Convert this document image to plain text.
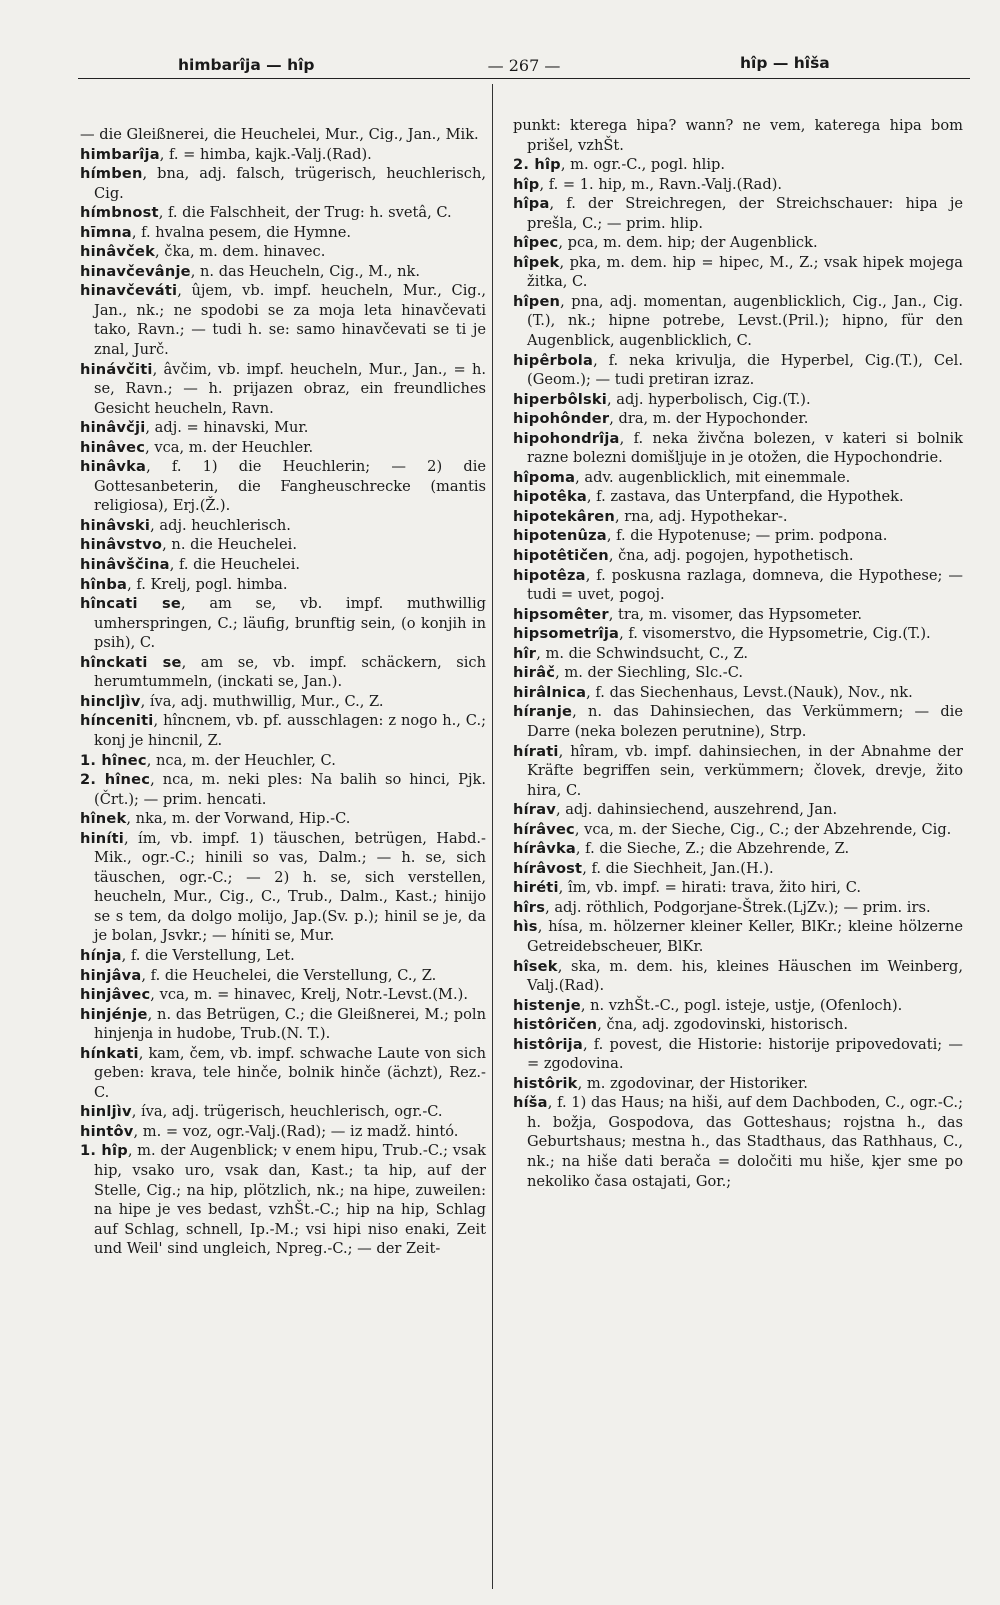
himbarîja — hîp	— 267 —	hîp — hîša

— die Gleißnerei, die Heuchelei, Mur., Cig., Jan., Mik.

himbarîja, f. = himba, kajk.-Valj.(Rad).

hímben, bna, adj. falsch, trügerisch, heuchlerisch, Cig.

hímbnost, f. die Falschheit, der Trug: h. svetâ, C.

hīmna, f. hvalna pesem, die Hymne.

hinâvček, čka, m. dem. hinavec.

hinavčevânje, n. das Heucheln, Cig., M., nk.

hinavčeváti, ûjem, vb. impf. heucheln, Mur., Cig., Jan., nk.; ne spodobi se za moja leta hinavčevati tako, Ravn.; — tudi h. se: samo hinavčevati se ti je znal, Jurč.

hinávčiti, âvčim, vb. impf. heucheln, Mur., Jan., = h. se, Ravn.; — h. prijazen obraz, ein freundliches Gesicht heucheln, Ravn.

hinâvčji, adj. = hinavski, Mur.

hinâvec, vca, m. der Heuchler.

hinâvka, f. 1) die Heuchlerin; — 2) die Gottesanbeterin, die Fangheuschrecke (mantis religiosa), Erj.(Ž.).

hinâvski, adj. heuchlerisch.

hinâvstvo, n. die Heuchelei.

hinâvščina, f. die Heuchelei.

hînba, f. Krelj, pogl. himba.

hîncati se, am se, vb. impf. muthwillig umherspringen, C.; läufig, brunftig sein, (o konjih in psih), C.

hînckati se, am se, vb. impf. schäckern, sich herumtummeln, (inckati se, Jan.).

hincljìv, íva, adj. muthwillig, Mur., C., Z.

hínceniti, hîncnem, vb. pf. ausschlagen: z nogo h., C.; konj je hincnil, Z.

1. hînec, nca, m. der Heuchler, C.

2. hînec, nca, m. neki ples: Na balih so hinci, Pjk.(Črt.); — prim. hencati.

hînek, nka, m. der Vorwand, Hip.-C.

hiníti, ím, vb. impf. 1) täuschen, betrügen, Habd.-Mik., ogr.-C.; hinili so vas, Dalm.; — h. se, sich täuschen, ogr.-C.; — 2) h. se, sich verstellen, heucheln, Mur., Cig., C., Trub., Dalm., Kast.; hinijo se s tem, da dolgo molijo, Jap.(Sv. p.); hinil se je, da je bolan, Jsvkr.; — híniti se, Mur.

hínja, f. die Verstellung, Let.

hinjâva, f. die Heuchelei, die Verstellung, C., Z.

hinjâvec, vca, m. = hinavec, Krelj, Notr.-Levst.(M.).

hinjénje, n. das Betrügen, C.; die Gleißnerei, M.; poln hinjenja in hudobe, Trub.(N. T.).

hínkati, kam, čem, vb. impf. schwache Laute von sich geben: krava, tele hinče, bolnik hinče (ächzt), Rez.-C.

hinljìv, íva, adj. trügerisch, heuchlerisch, ogr.-C.

hintôv, m. = voz, ogr.-Valj.(Rad); — iz madž. hintó.

1. hîp, m. der Augenblick; v enem hipu, Trub.-C.; vsak hip, vsako uro, vsak dan, Kast.; ta hip, auf der Stelle, Cig.; na hip, plötzlich, nk.; na hipe, zuweilen: na hipe je ves bedast, vzhŠt.-C.; hip na hip, Schlag auf Schlag, schnell, Ip.-M.; vsi hipi niso enaki, Zeit und Weil' sind ungleich, Npreg.-C.; — der Zeit-

punkt: kterega hipa? wann? ne vem, katerega hipa bom prišel, vzhŠt.

2. hîp, m. ogr.-C., pogl. hlip.

hîp, f. = 1. hip, m., Ravn.-Valj.(Rad).

hîpa, f. der Streichregen, der Streichschauer: hipa je prešla, C.; — prim. hlip.

hîpec, pca, m. dem. hip; der Augenblick.

hîpek, pka, m. dem. hip = hipec, M., Z.; vsak hipek mojega žitka, C.

hîpen, pna, adj. momentan, augenblicklich, Cig., Jan., Cig.(T.), nk.; hipne potrebe, Levst.(Pril.); hipno, für den Augenblick, augenblicklich, C.

hipêrbola, f. neka krivulja, die Hyperbel, Cig.(T.), Cel.(Geom.); — tudi pretiran izraz.

hiperbôlski, adj. hyperbolisch, Cig.(T.).

hipohônder, dra, m. der Hypochonder.

hipohondrîja, f. neka živčna bolezen, v kateri si bolnik razne bolezni domišljuje in je otožen, die Hypochondrie.

hîpoma, adv. augenblicklich, mit einemmale.

hipotêka, f. zastava, das Unterpfand, die Hypothek.

hipotekâren, rna, adj. Hypothekar-.

hipotenûza, f. die Hypotenuse; — prim. podpona.

hipotêtičen, čna, adj. pogojen, hypothetisch.

hipotêza, f. poskusna razlaga, domneva, die Hypothese; — tudi = uvet, pogoj.

hipsomêter, tra, m. visomer, das Hypsometer.

hipsometrîja, f. visomerstvo, die Hypsometrie, Cig.(T.).

hîr, m. die Schwindsucht, C., Z.

hirâč, m. der Siechling, Slc.-C.

hirâlnica, f. das Siechenhaus, Levst.(Nauk), Nov., nk.

híranje, n. das Dahinsiechen, das Verkümmern; — die Darre (neka bolezen perutnine), Strp.

hírati, hîram, vb. impf. dahinsiechen, in der Abnahme der Kräfte begriffen sein, verkümmern; človek, drevje, žito hira, C.

hírav, adj. dahinsiechend, auszehrend, Jan.

hírâvec, vca, m. der Sieche, Cig., C.; der Abzehrende, Cig.

hírâvka, f. die Sieche, Z.; die Abzehrende, Z.

hírâvost, f. die Siechheit, Jan.(H.).

hiréti, îm, vb. impf. = hirati: trava, žito hiri, C.

hîrs, adj. röthlich, Podgorjane-Štrek.(LjZv.); — prim. irs.

hìs, hísa, m. hölzerner kleiner Keller, BlKr.; kleine hölzerne Getreidebscheuer, BlKr.

hîsek, ska, m. dem. his, kleines Häuschen im Weinberg, Valj.(Rad).

histenje, n. vzhŠt.-C., pogl. isteje, ustje, (Ofenloch).

histôričen, čna, adj. zgodovinski, historisch.

histôrija, f. povest, die Historie: historije pripovedovati; — = zgodovina.

histôrik, m. zgodovinar, der Historiker.

híša, f. 1) das Haus; na hiši, auf dem Dachboden, C., ogr.-C.; h. božja, Gospodova, das Gotteshaus; rojstna h., das Geburtshaus; mestna h., das Stadthaus, das Rathhaus, C., nk.; na hiše dati berača = določiti mu hiše, kjer sme po nekoliko časa ostajati, Gor.;
